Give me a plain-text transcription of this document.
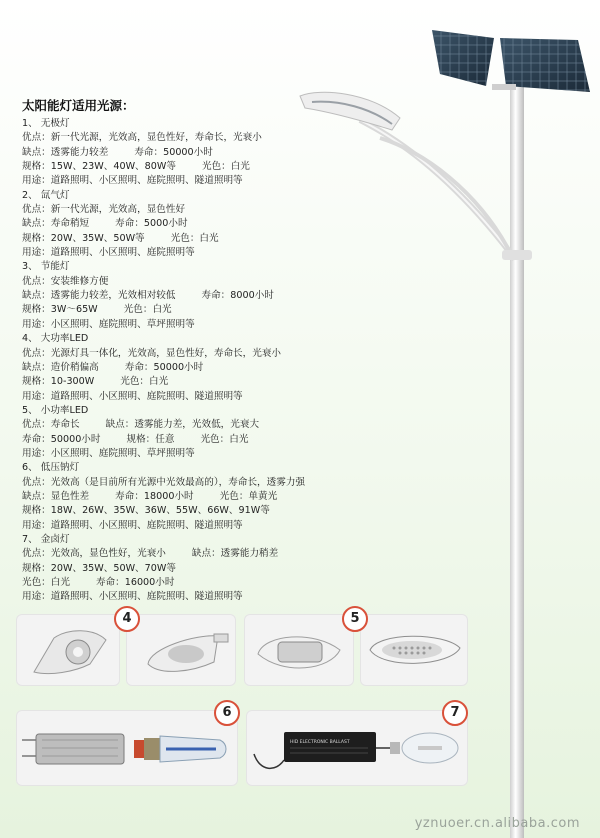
太阳能灯适用光源：
1、 无极灯
优点：新一代光源，光效高，显色性好，寿命长，光衰小
缺点：透雾能力较差	寿命：50000小时
规格：15W、23W、40W、80W等	光色：白光
用途：道路照明、小区照明、庭院照明、隧道照明等
2、 氙气灯
优点：新一代光源，光效高，显色性好
缺点：寿命稍短	寿命：5000小时
规格：20W、35W、50W等	光色：白光
用途：道路照明、小区照明、庭院照明等
3、 节能灯
优点：安装维修方便
缺点：透雾能力较差，光效相对较低	寿命：8000小时
规格：3W～65W	光色：白光
用途：小区照明、庭院照明、草坪照明等
4、 大功率LED
优点：光源灯具一体化，光效高，显色性好，寿命长，光衰小
缺点：造价稍偏高	寿命：50000小时
规格：10-300W	光色：白光
用途：道路照明、小区照明、庭院照明、隧道照明等
5、 小功率LED
优点：寿命长	缺点：透雾能力差，光效低，光衰大
寿命：50000小时	规格：任意	光色：白光
用途：小区照明、庭院照明、草坪照明等
6、 低压钠灯
优点：光效高（是目前所有光源中光效最高的），寿命长，透雾力强
缺点：显色性差	寿命：18000小时	光色：单黄光
规格：18W、26W、35W、36W、55W、66W、91W等
用途：道路照明、小区照明、庭院照明、隧道照明等
7、 金卤灯
优点：光效高，显色性好，光衰小	缺点：透雾能力稍差
规格：20W、35W、50W、70W等
光色：白光	寿命：16000小时
用途：道路照明、小区照明、庭院照明、隧道照明等
4	5
6
HID ELECTRONIC BALLAST
7
yznuoer.cn.alibaba.com
